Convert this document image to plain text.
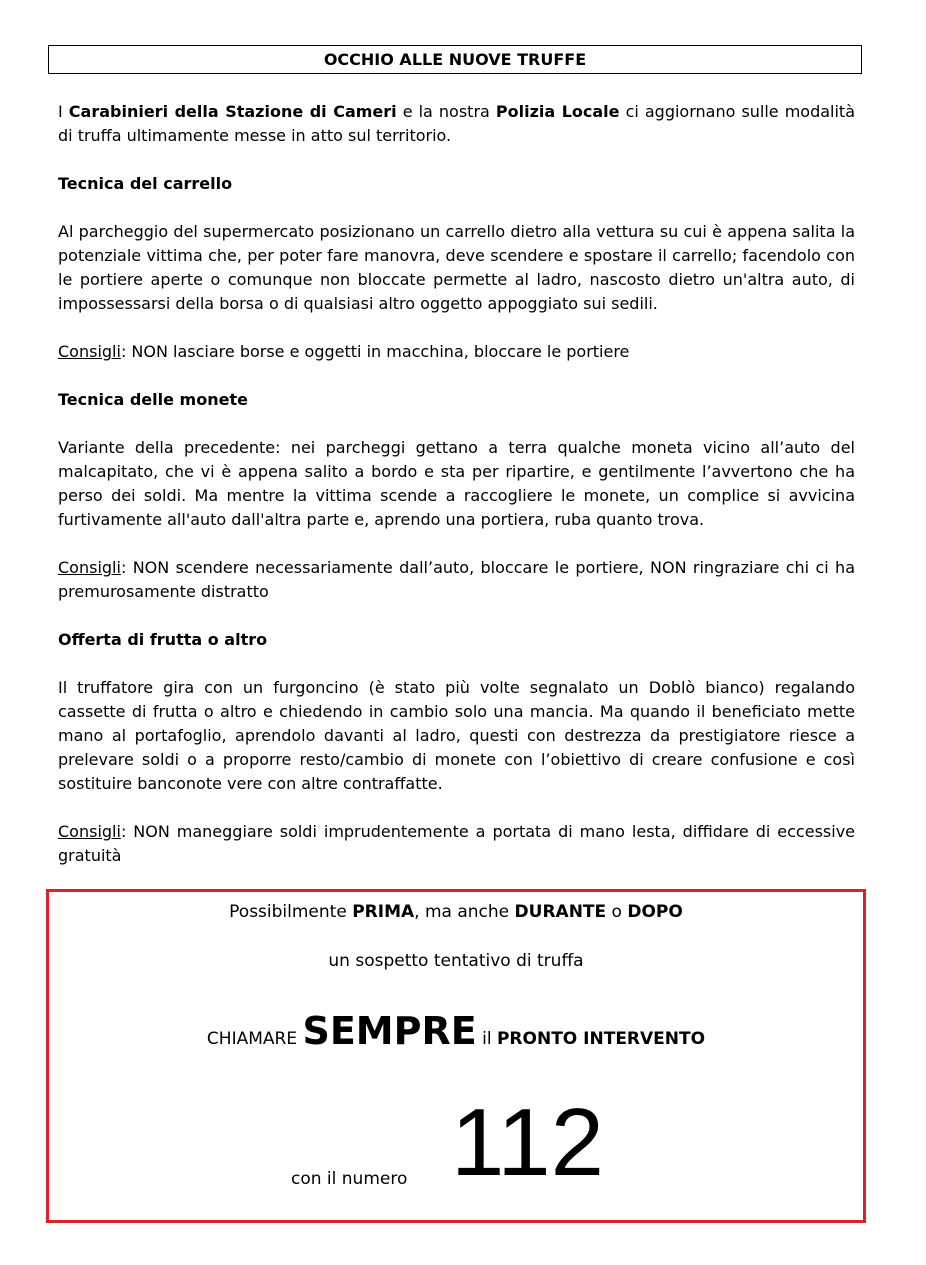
OCCHIO ALLE NUOVE TRUFFE

I Carabinieri della Stazione di Cameri e la nostra Polizia Locale ci aggiornano sulle modalità di truffa ultimamente messe in atto sul territorio.

Tecnica del carrello

Al parcheggio del supermercato posizionano un carrello dietro alla vettura su cui è appena salita la potenziale vittima che, per poter fare manovra, deve scendere e spostare il carrello; facendolo con le portiere aperte o comunque non bloccate permette al ladro, nascosto dietro un'altra auto, di impossessarsi della borsa o di qualsiasi altro oggetto appoggiato sui sedili.

Consigli: NON lasciare borse e oggetti in macchina, bloccare le portiere

Tecnica delle monete

Variante della precedente: nei parcheggi gettano a terra qualche moneta vicino all’auto del malcapitato, che vi è appena salito a bordo e sta per ripartire, e gentilmente l’avvertono che ha perso dei soldi. Ma mentre la vittima scende a raccogliere le monete, un complice si avvicina furtivamente all'auto dall'altra parte e, aprendo una portiera, ruba quanto trova.

Consigli: NON scendere necessariamente dall’auto, bloccare le portiere, NON ringraziare chi ci ha premurosamente distratto

Offerta di frutta o altro

Il truffatore gira con un furgoncino (è stato più volte segnalato un Doblò bianco) regalando cassette di frutta o altro e chiedendo in cambio solo una mancia. Ma quando il beneficiato mette mano al portafoglio, aprendolo davanti al ladro, questi con destrezza da prestigiatore riesce a prelevare soldi o a proporre resto/cambio di monete con l’obiettivo di creare confusione e così sostituire banconote vere con altre contraffatte.

Consigli: NON maneggiare soldi imprudentemente a portata di mano lesta, diffidare di eccessive gratuità

Possibilmente PRIMA, ma anche DURANTE o DOPO
un sospetto tentativo di truffa
CHIAMARE SEMPRE il PRONTO INTERVENTO
con il numero 112
